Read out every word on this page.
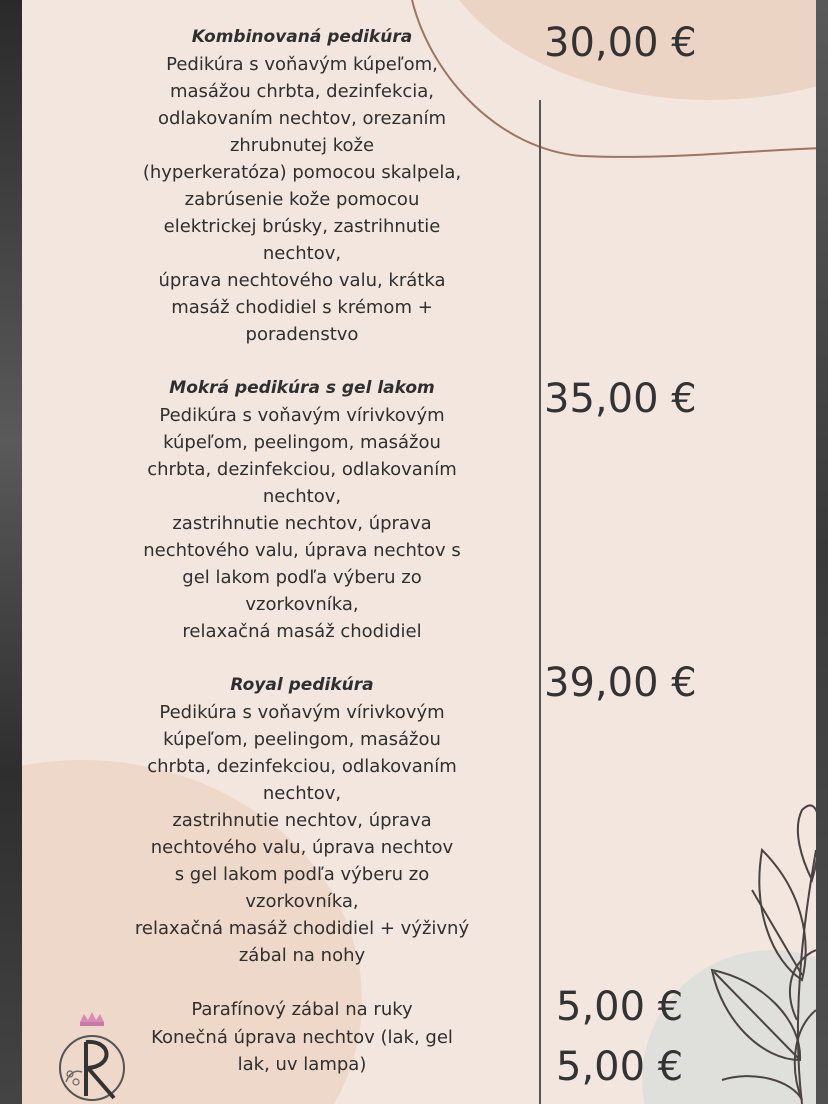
Kombinovaná pedikúra
Pedikúra s voňavým kúpeľom,
masážou chrbta, dezinfekcia,
odlakovaním nechtov, orezaním
zhrubnutej kože
(hyperkeratóza) pomocou skalpela,
zabrúsenie kože pomocou
elektrickej brúsky, zastrihnutie
nechtov,
úprava nechtového valu, krátka
masáž chodidiel s krémom +
poradenstvo
30,00 €
Mokrá pedikúra s gel lakom
Pedikúra s voňavým vírivkovým
kúpeľom, peelingom, masážou
chrbta, dezinfekciou, odlakovaním
nechtov,
zastrihnutie nechtov, úprava
nechtového valu, úprava nechtov s
gel lakom podľa výberu zo
vzorkovníka,
relaxačná masáž chodidiel
35,00 €
Royal pedikúra
Pedikúra s voňavým vírivkovým
kúpeľom, peelingom, masážou
chrbta, dezinfekciou, odlakovaním
nechtov,
zastrihnutie nechtov, úprava
nechtového valu, úprava nechtov
s gel lakom podľa výberu zo
vzorkovníka,
relaxačná masáž chodidiel + výživný
zábal na nohy
39,00 €
Parafínový zábal na ruky	5,00 €
Konečná úprava nechtov (lak, gel
lak, uv lampa)	5,00 €
